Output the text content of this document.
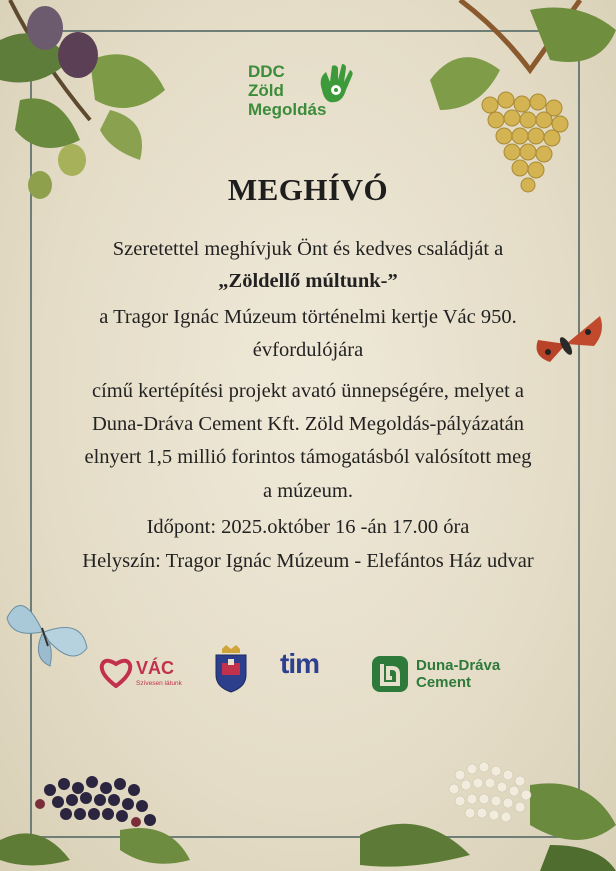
DDC
Zöld
Megoldás
MEGHÍVÓ
Szeretettel meghívjuk Önt és kedves családját a
„Zöldellő múltunk-”
a Tragor Ignác Múzeum történelmi kertje Vác 950.
évfordulójára
című kertépítési projekt avató ünnepségére, melyet a
Duna-Dráva Cement Kft. Zöld Megoldás-pályázatán
elnyert 1,5 millió forintos támogatásból valósított meg
a múzeum.
Időpont: 2025.október 16 -án 17.00 óra
Helyszín: Tragor Ignác Múzeum - Elefántos Ház udvar
VÁC
Szívesen látunk
tim	Duna-Dráva
Cement
